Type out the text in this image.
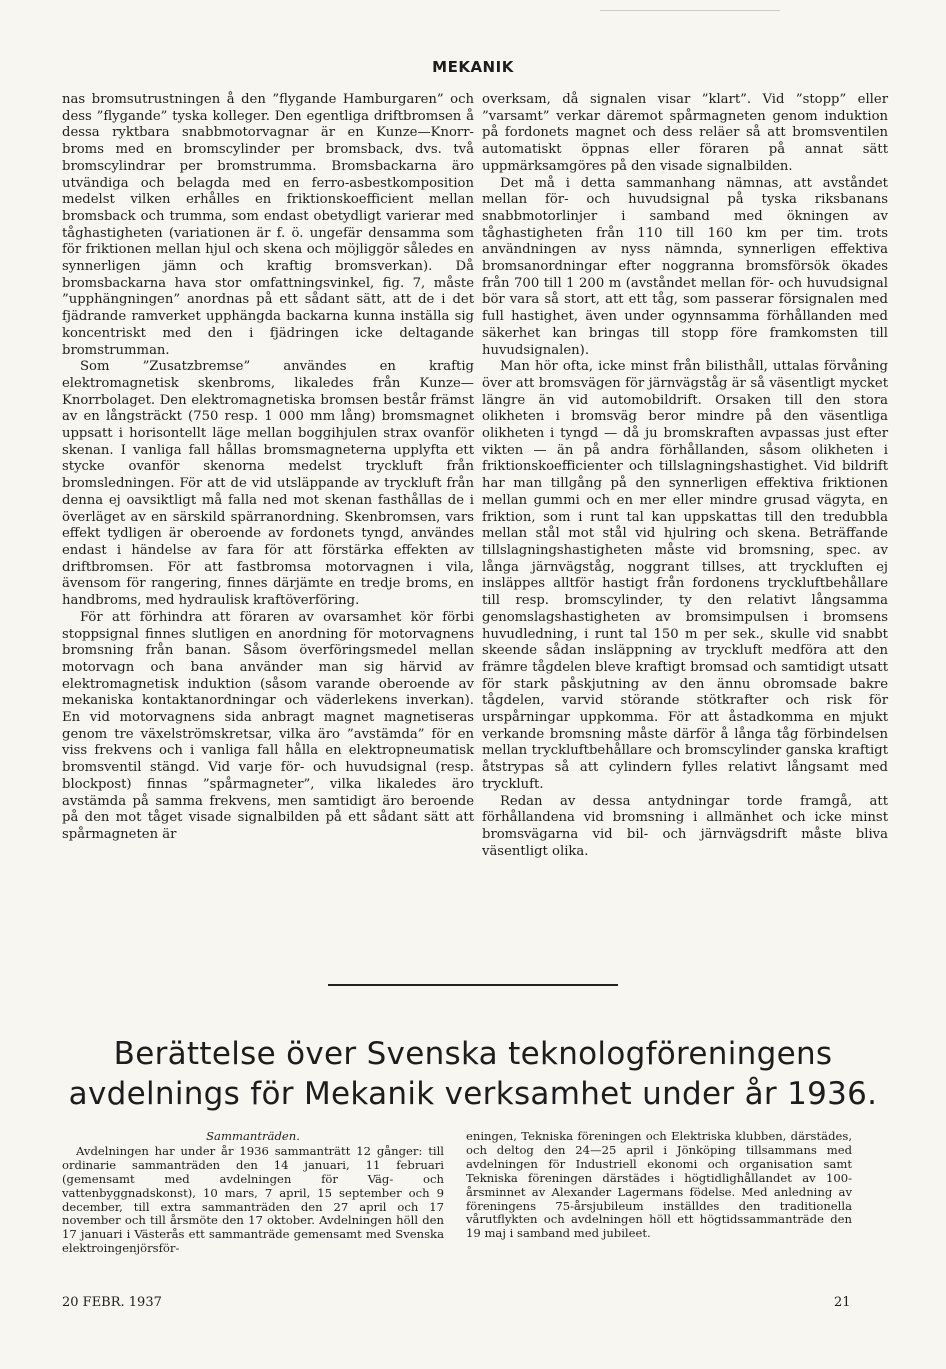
MEKANIK

nas bromsutrustningen å den ”flygande Hamburgaren” och dess ”flygande” tyska kolleger. Den egentliga driftbromsen å dessa ryktbara snabbmotorvagnar är en Kunze—Knorr-broms med en bromscylinder per bromsback, dvs. två bromscylindrar per bromstrumma. Bromsbackarna äro utvändiga och belagda med en ferro-asbestkomposition medelst vilken erhålles en friktionskoefficient mellan bromsback och trumma, som endast obetydligt varierar med tåghastigheten (variationen är f. ö. ungefär densamma som för friktionen mellan hjul och skena och möjliggör således en synnerligen jämn och kraftig bromsverkan). Då bromsbackarna hava stor omfattningsvinkel, fig. 7, måste ”upphängningen” anordnas på ett sådant sätt, att de i det fjädrande ramverket upphängda backarna kunna inställa sig koncentriskt med den i fjädringen icke deltagande bromstrumman.

Som ”Zusatzbremse” användes en kraftig elektromagnetisk skenbroms, likaledes från Kunze—Knorrbolaget. Den elektromagnetiska bromsen består främst av en långsträckt (750 resp. 1 000 mm lång) bromsmagnet uppsatt i horisontellt läge mellan boggihjulen strax ovanför skenan. I vanliga fall hållas bromsmagneterna upplyfta ett stycke ovanför skenorna medelst tryckluft från bromsledningen. För att de vid utsläppande av tryckluft från denna ej oavsiktligt må falla ned mot skenan fasthållas de i överläget av en särskild spärranordning. Skenbromsen, vars effekt tydligen är oberoende av fordonets tyngd, användes endast i händelse av fara för att förstärka effekten av driftbromsen. För att fastbromsa motorvagnen i vila, ävensom för rangering, finnes därjämte en tredje broms, en handbroms, med hydraulisk kraftöverföring.

För att förhindra att föraren av ovarsamhet kör förbi stoppsignal finnes slutligen en anordning för motorvagnens bromsning från banan. Såsom överföringsmedel mellan motorvagn och bana använder man sig härvid av elektromagnetisk induktion (såsom varande oberoende av mekaniska kontaktanordningar och väderlekens inverkan). En vid motorvagnens sida anbragt magnet magnetiseras genom tre växelströmskretsar, vilka äro ”avstämda” för en viss frekvens och i vanliga fall hålla en elektropneumatisk bromsventil stängd. Vid varje för- och huvudsignal (resp. blockpost) finnas ”spårmagneter”, vilka likaledes äro avstämda på samma frekvens, men samtidigt äro beroende på den mot tåget visade signalbilden på ett sådant sätt att spårmagneten är

overksam, då signalen visar ”klart”. Vid ”stopp” eller ”varsamt” verkar däremot spårmagneten genom induktion på fordonets magnet och dess reläer så att bromsventilen automatiskt öppnas eller föraren på annat sätt uppmärksamgöres på den visade signalbilden.

Det må i detta sammanhang nämnas, att avståndet mellan för- och huvudsignal på tyska riksbanans snabbmotorlinjer i samband med ökningen av tåghastigheten från 110 till 160 km per tim. trots användningen av nyss nämnda, synnerligen effektiva bromsanordningar efter noggranna bromsförsök ökades från 700 till 1 200 m (avståndet mellan för- och huvudsignal bör vara så stort, att ett tåg, som passerar försignalen med full hastighet, även under ogynnsamma förhållanden med säkerhet kan bringas till stopp före framkomsten till huvudsignalen).

Man hör ofta, icke minst från bilisthåll, uttalas förvåning över att bromsvägen för järnvägståg är så väsentligt mycket längre än vid automobildrift. Orsaken till den stora olikheten i bromsväg beror mindre på den väsentliga olikheten i tyngd — då ju bromskraften avpassas just efter vikten — än på andra förhållanden, såsom olikheten i friktionskoefficienter och tillslagningshastighet. Vid bildrift har man tillgång på den synnerligen effektiva friktionen mellan gummi och en mer eller mindre grusad vägyta, en friktion, som i runt tal kan uppskattas till den tredubbla mellan stål mot stål vid hjulring och skena. Beträffande tillslagningshastigheten måste vid bromsning, spec. av långa järnvägståg, noggrant tillses, att tryckluften ej insläppes alltför hastigt från fordonens tryckluftbehållare till resp. bromscylinder, ty den relativt långsamma genomslagshastigheten av bromsimpulsen i bromsens huvudledning, i runt tal 150 m per sek., skulle vid snabbt skeende sådan insläppning av tryckluft medföra att den främre tågdelen bleve kraftigt bromsad och samtidigt utsatt för stark påskjutning av den ännu obromsade bakre tågdelen, varvid störande stötkrafter och risk för urspårningar uppkomma. För att åstadkomma en mjukt verkande bromsning måste därför å långa tåg förbindelsen mellan tryckluftbehållare och bromscylinder ganska kraftigt åtstrypas så att cylindern fylles relativt långsamt med tryckluft.

Redan av dessa antydningar torde framgå, att förhållandena vid bromsning i allmänhet och icke minst bromsvägarna vid bil- och järnvägsdrift måste bliva väsentligt olika.

Berättelse över Svenska teknologföreningens avdelnings för Mekanik verksamhet under år 1936.
Sammanträden.

Avdelningen har under år 1936 sammanträtt 12 gånger: till ordinarie sammanträden den 14 januari, 11 februari (gemensamt med avdelningen för Väg- och vattenbyggnadskonst), 10 mars, 7 april, 15 september och 9 december, till extra sammanträden den 27 april och 17 november och till årsmöte den 17 oktober. Avdelningen höll den 17 januari i Västerås ett sammanträde gemensamt med Svenska elektroingenjörsför-

eningen, Tekniska föreningen och Elektriska klubben, därstädes, och deltog den 24—25 april i Jönköping tillsammans med avdelningen för Industriell ekonomi och organisation samt Tekniska föreningen därstädes i högtidlighållandet av 100-årsminnet av Alexander Lagermans födelse. Med anledning av föreningens 75-årsjubileum inställdes den traditionella vårutflykten och avdelningen höll ett högtidssammanträde den 19 maj i samband med jubileet.

20 FEBR. 1937	21
